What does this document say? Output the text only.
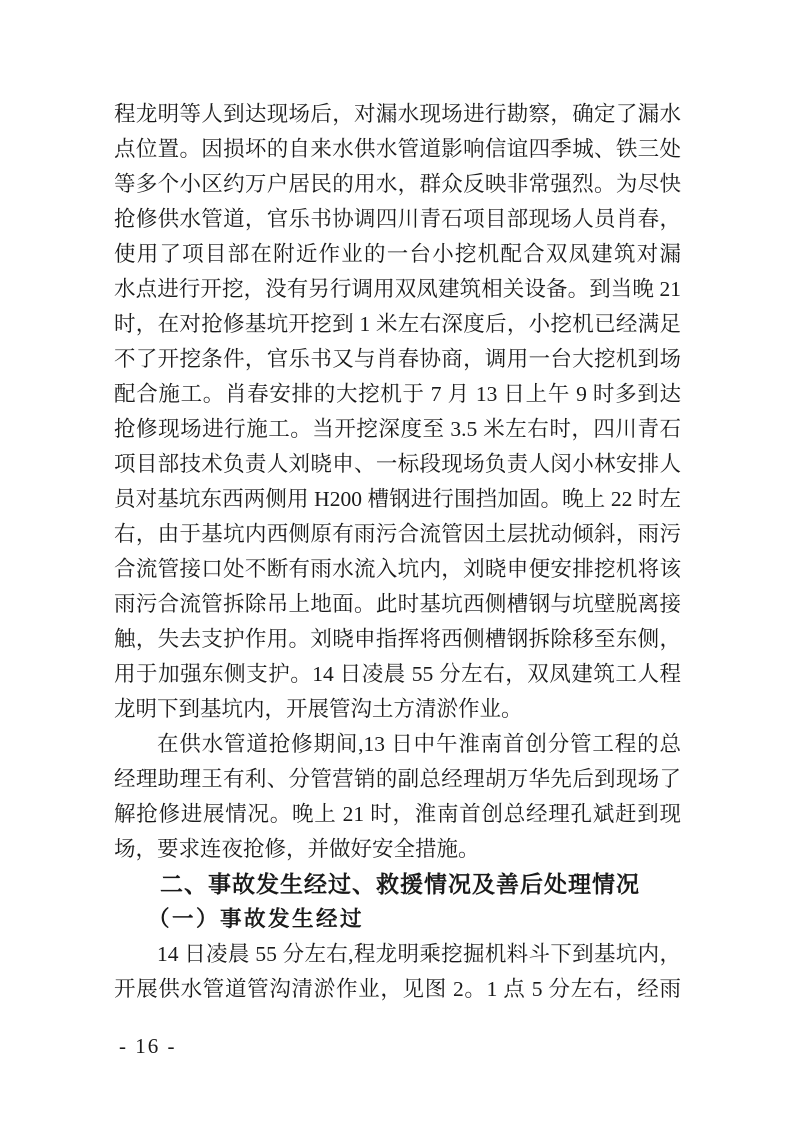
程龙明等人到达现场后，对漏水现场进行勘察，确定了漏水
点位置。因损坏的自来水供水管道影响信谊四季城、铁三处
等多个小区约万户居民的用水，群众反映非常强烈。为尽快
抢修供水管道，官乐书协调四川青石项目部现场人员肖春，
使用了项目部在附近作业的一台小挖机配合双凤建筑对漏
水点进行开挖，没有另行调用双凤建筑相关设备。到当晚 21
时，在对抢修基坑开挖到 1 米左右深度后，小挖机已经满足
不了开挖条件，官乐书又与肖春协商，调用一台大挖机到场
配合施工。肖春安排的大挖机于 7 月 13 日上午 9 时多到达
抢修现场进行施工。当开挖深度至 3.5 米左右时，四川青石
项目部技术负责人刘晓申、一标段现场负责人闵小林安排人
员对基坑东西两侧用 H200 槽钢进行围挡加固。晚上 22 时左
右，由于基坑内西侧原有雨污合流管因土层扰动倾斜，雨污
合流管接口处不断有雨水流入坑内，刘晓申便安排挖机将该
雨污合流管拆除吊上地面。此时基坑西侧槽钢与坑壁脱离接
触，失去支护作用。刘晓申指挥将西侧槽钢拆除移至东侧，
用于加强东侧支护。14 日凌晨 55 分左右，双凤建筑工人程
龙明下到基坑内，开展管沟土方清淤作业。
在供水管道抢修期间,13 日中午淮南首创分管工程的总
经理助理王有利、分管营销的副总经理胡万华先后到现场了
解抢修进展情况。晚上 21 时，淮南首创总经理孔斌赶到现
场，要求连夜抢修，并做好安全措施。
二、事故发生经过、救援情况及善后处理情况
（一）事故发生经过
14 日凌晨 55 分左右,程龙明乘挖掘机料斗下到基坑内，
开展供水管道管沟清淤作业，见图 2。1 点 5 分左右，经雨
- 16 -
